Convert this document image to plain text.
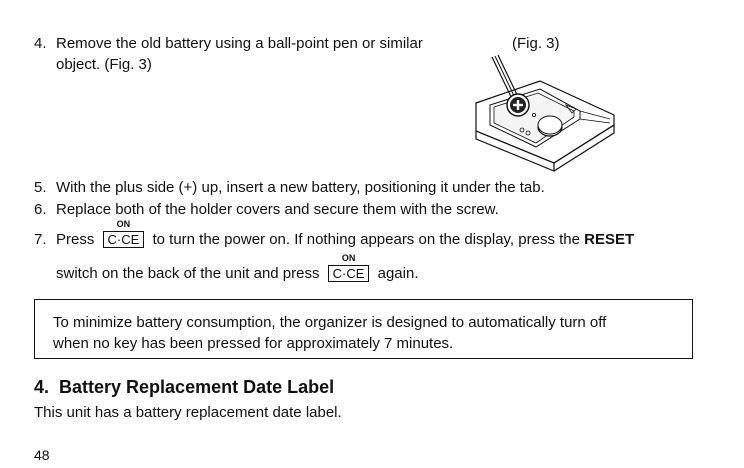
4. Remove the old battery using a ball-point pen or similar
object. (Fig. 3)
(Fig. 3)
5. With the plus side (+) up, insert a new battery, positioning it under the tab.
6. Replace both of the holder covers and secure them with the screw.
7. Press
ON
C·CE to turn the power on. If nothing appears on the display, press the RESET
switch on the back of the unit and press
ON
C·CE again.
To minimize battery consumption, the organizer is designed to automatically turn off
when no key has been pressed for approximately 7 minutes.
4.  Battery Replacement Date Label
This unit has a battery replacement date label.
48
